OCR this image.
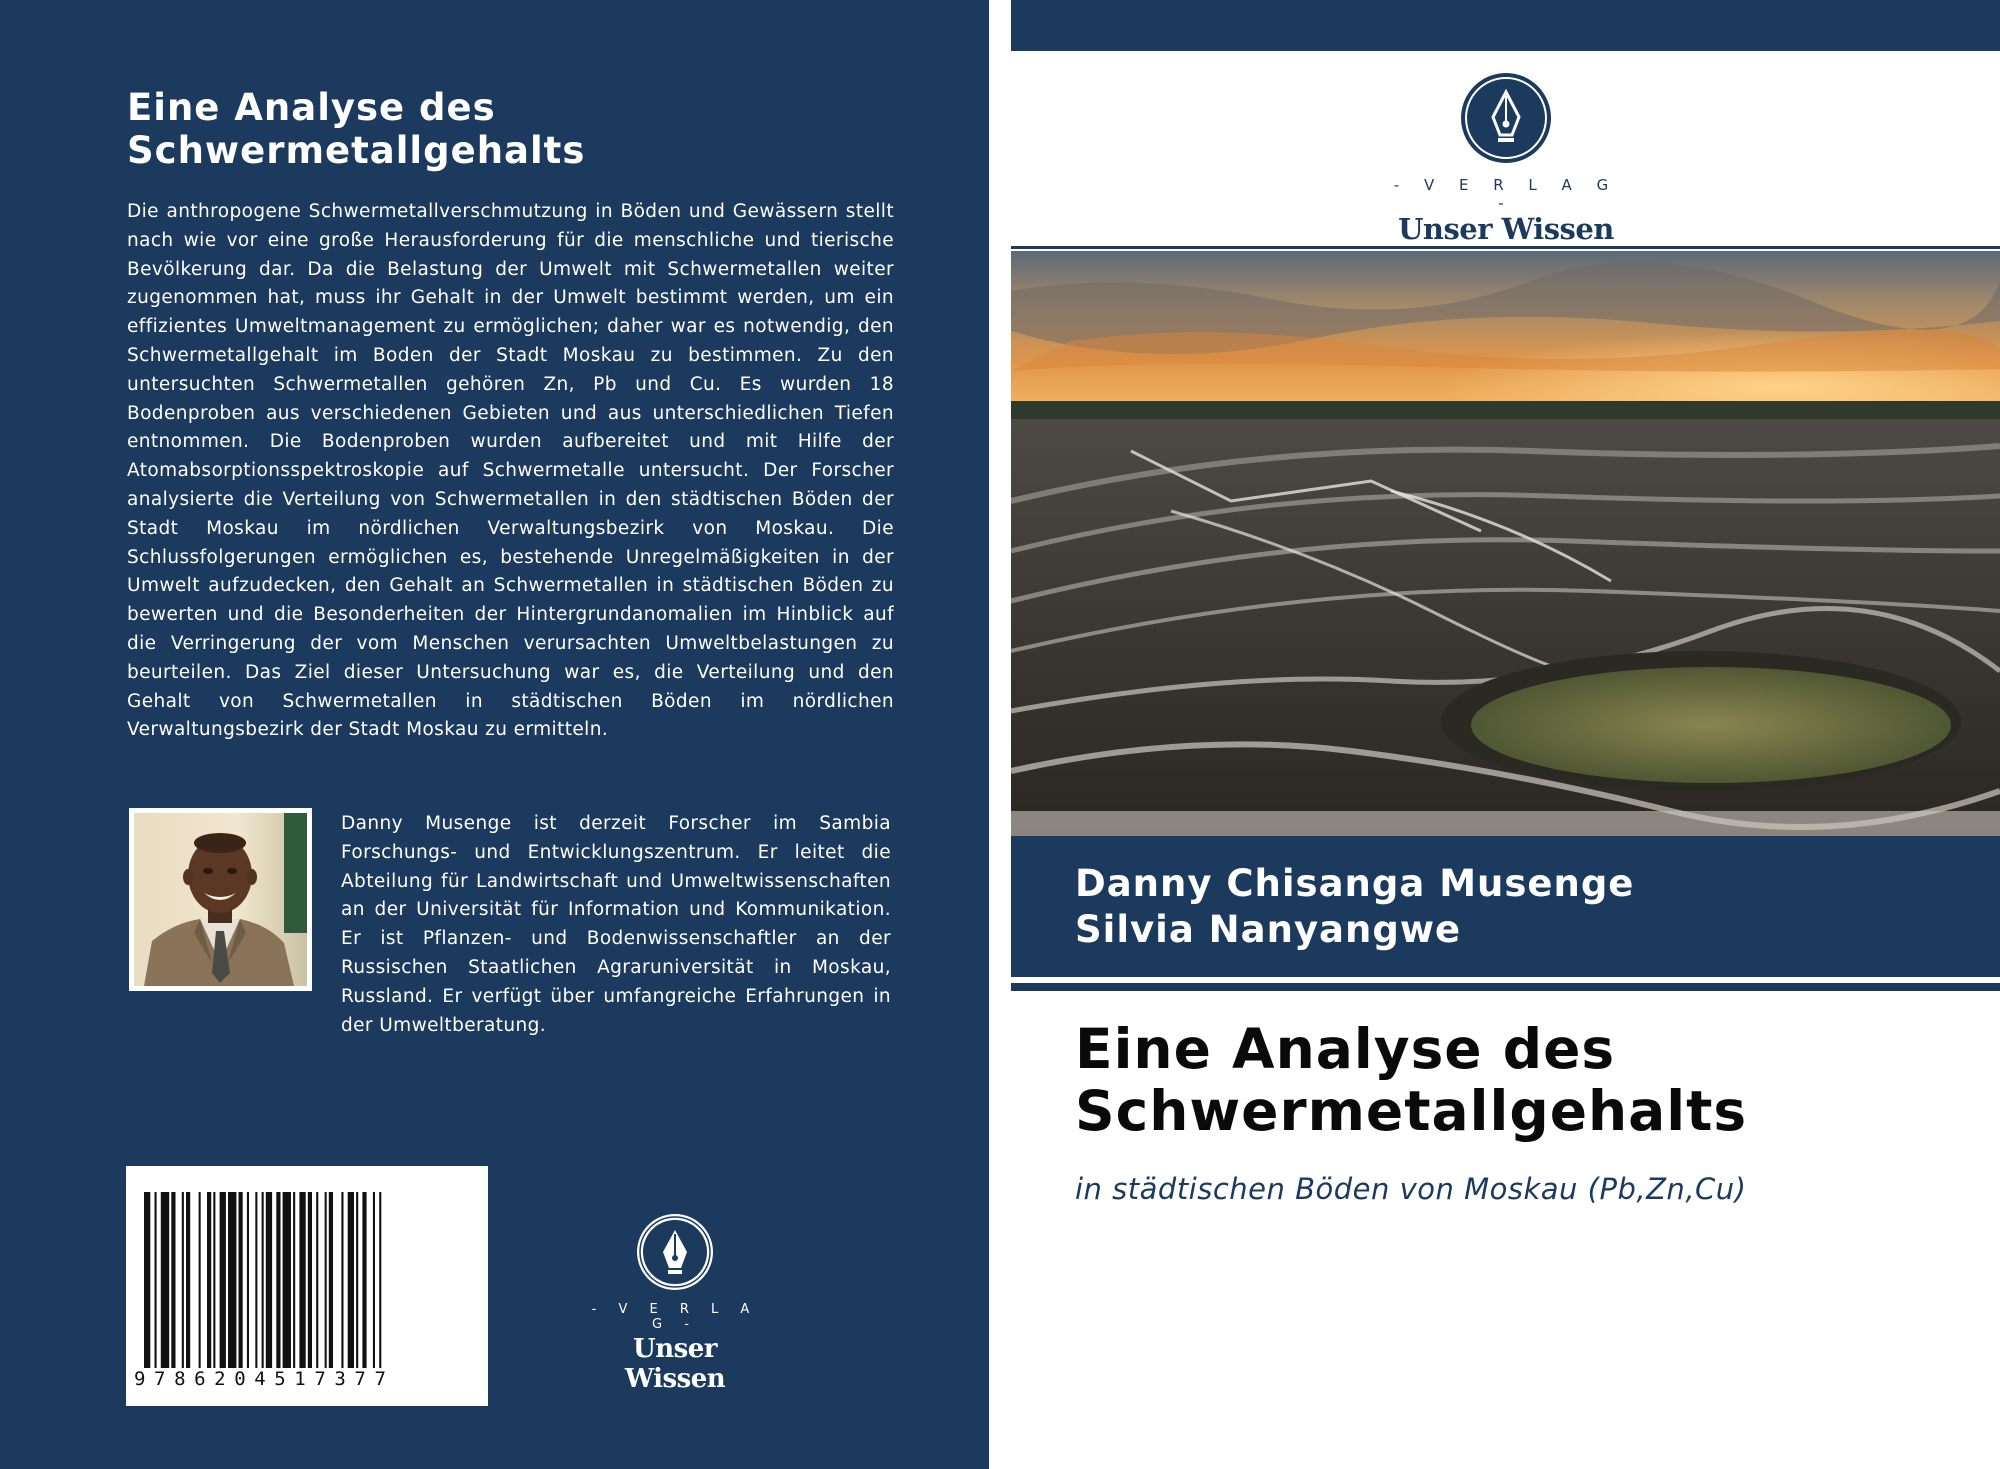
Eine Analyse des
Schwermetallgehalts

Die anthropogene Schwermetallverschmutzung in Böden und Gewässern stellt nach wie vor eine große Herausforderung für die menschliche und tierische Bevölkerung dar. Da die Belastung der Umwelt mit Schwermetallen weiter zugenommen hat, muss ihr Gehalt in der Umwelt bestimmt werden, um ein effizientes Umweltmanagement zu ermöglichen; daher war es notwendig, den Schwermetallgehalt im Boden der Stadt Moskau zu bestimmen. Zu den untersuchten Schwermetallen gehören Zn, Pb und Cu. Es wurden 18 Bodenproben aus verschiedenen Gebieten und aus unterschiedlichen Tiefen entnommen. Die Bodenproben wurden aufbereitet und mit Hilfe der Atomabsorptionsspektroskopie auf Schwermetalle untersucht. Der Forscher analysierte die Verteilung von Schwermetallen in den städtischen Böden der Stadt Moskau im nördlichen Verwaltungsbezirk von Moskau. Die Schlussfolgerungen ermöglichen es, bestehende Unregelmäßigkeiten in der Umwelt aufzudecken, den Gehalt an Schwermetallen in städtischen Böden zu bewerten und die Besonderheiten der Hintergrundanomalien im Hinblick auf die Verringerung der vom Menschen verursachten Umweltbelastungen zu beurteilen. Das Ziel dieser Untersuchung war es, die Verteilung und den Gehalt von Schwermetallen in städtischen Böden im nördlichen Verwaltungsbezirk der Stadt Moskau zu ermitteln.

Danny Musenge ist derzeit Forscher im Sambia Forschungs- und Entwicklungszentrum. Er leitet die Abteilung für Landwirtschaft und Umweltwissenschaften an der Universität für Information und Kommunikation. Er ist Pflanzen- und Bodenwissenschaftler an der Russischen Staatlichen Agraruniversität in Moskau, Russland. Er verfügt über umfangreiche Erfahrungen in der Umweltberatung.

9786204517377
- V E R L A G -
Unser Wissen
- V E R L A G -
Unser Wissen
Danny Chisanga Musenge
Silvia Nanyangwe
Eine Analyse des
Schwermetallgehalts
in städtischen Böden von Moskau (Pb,Zn,Cu)
